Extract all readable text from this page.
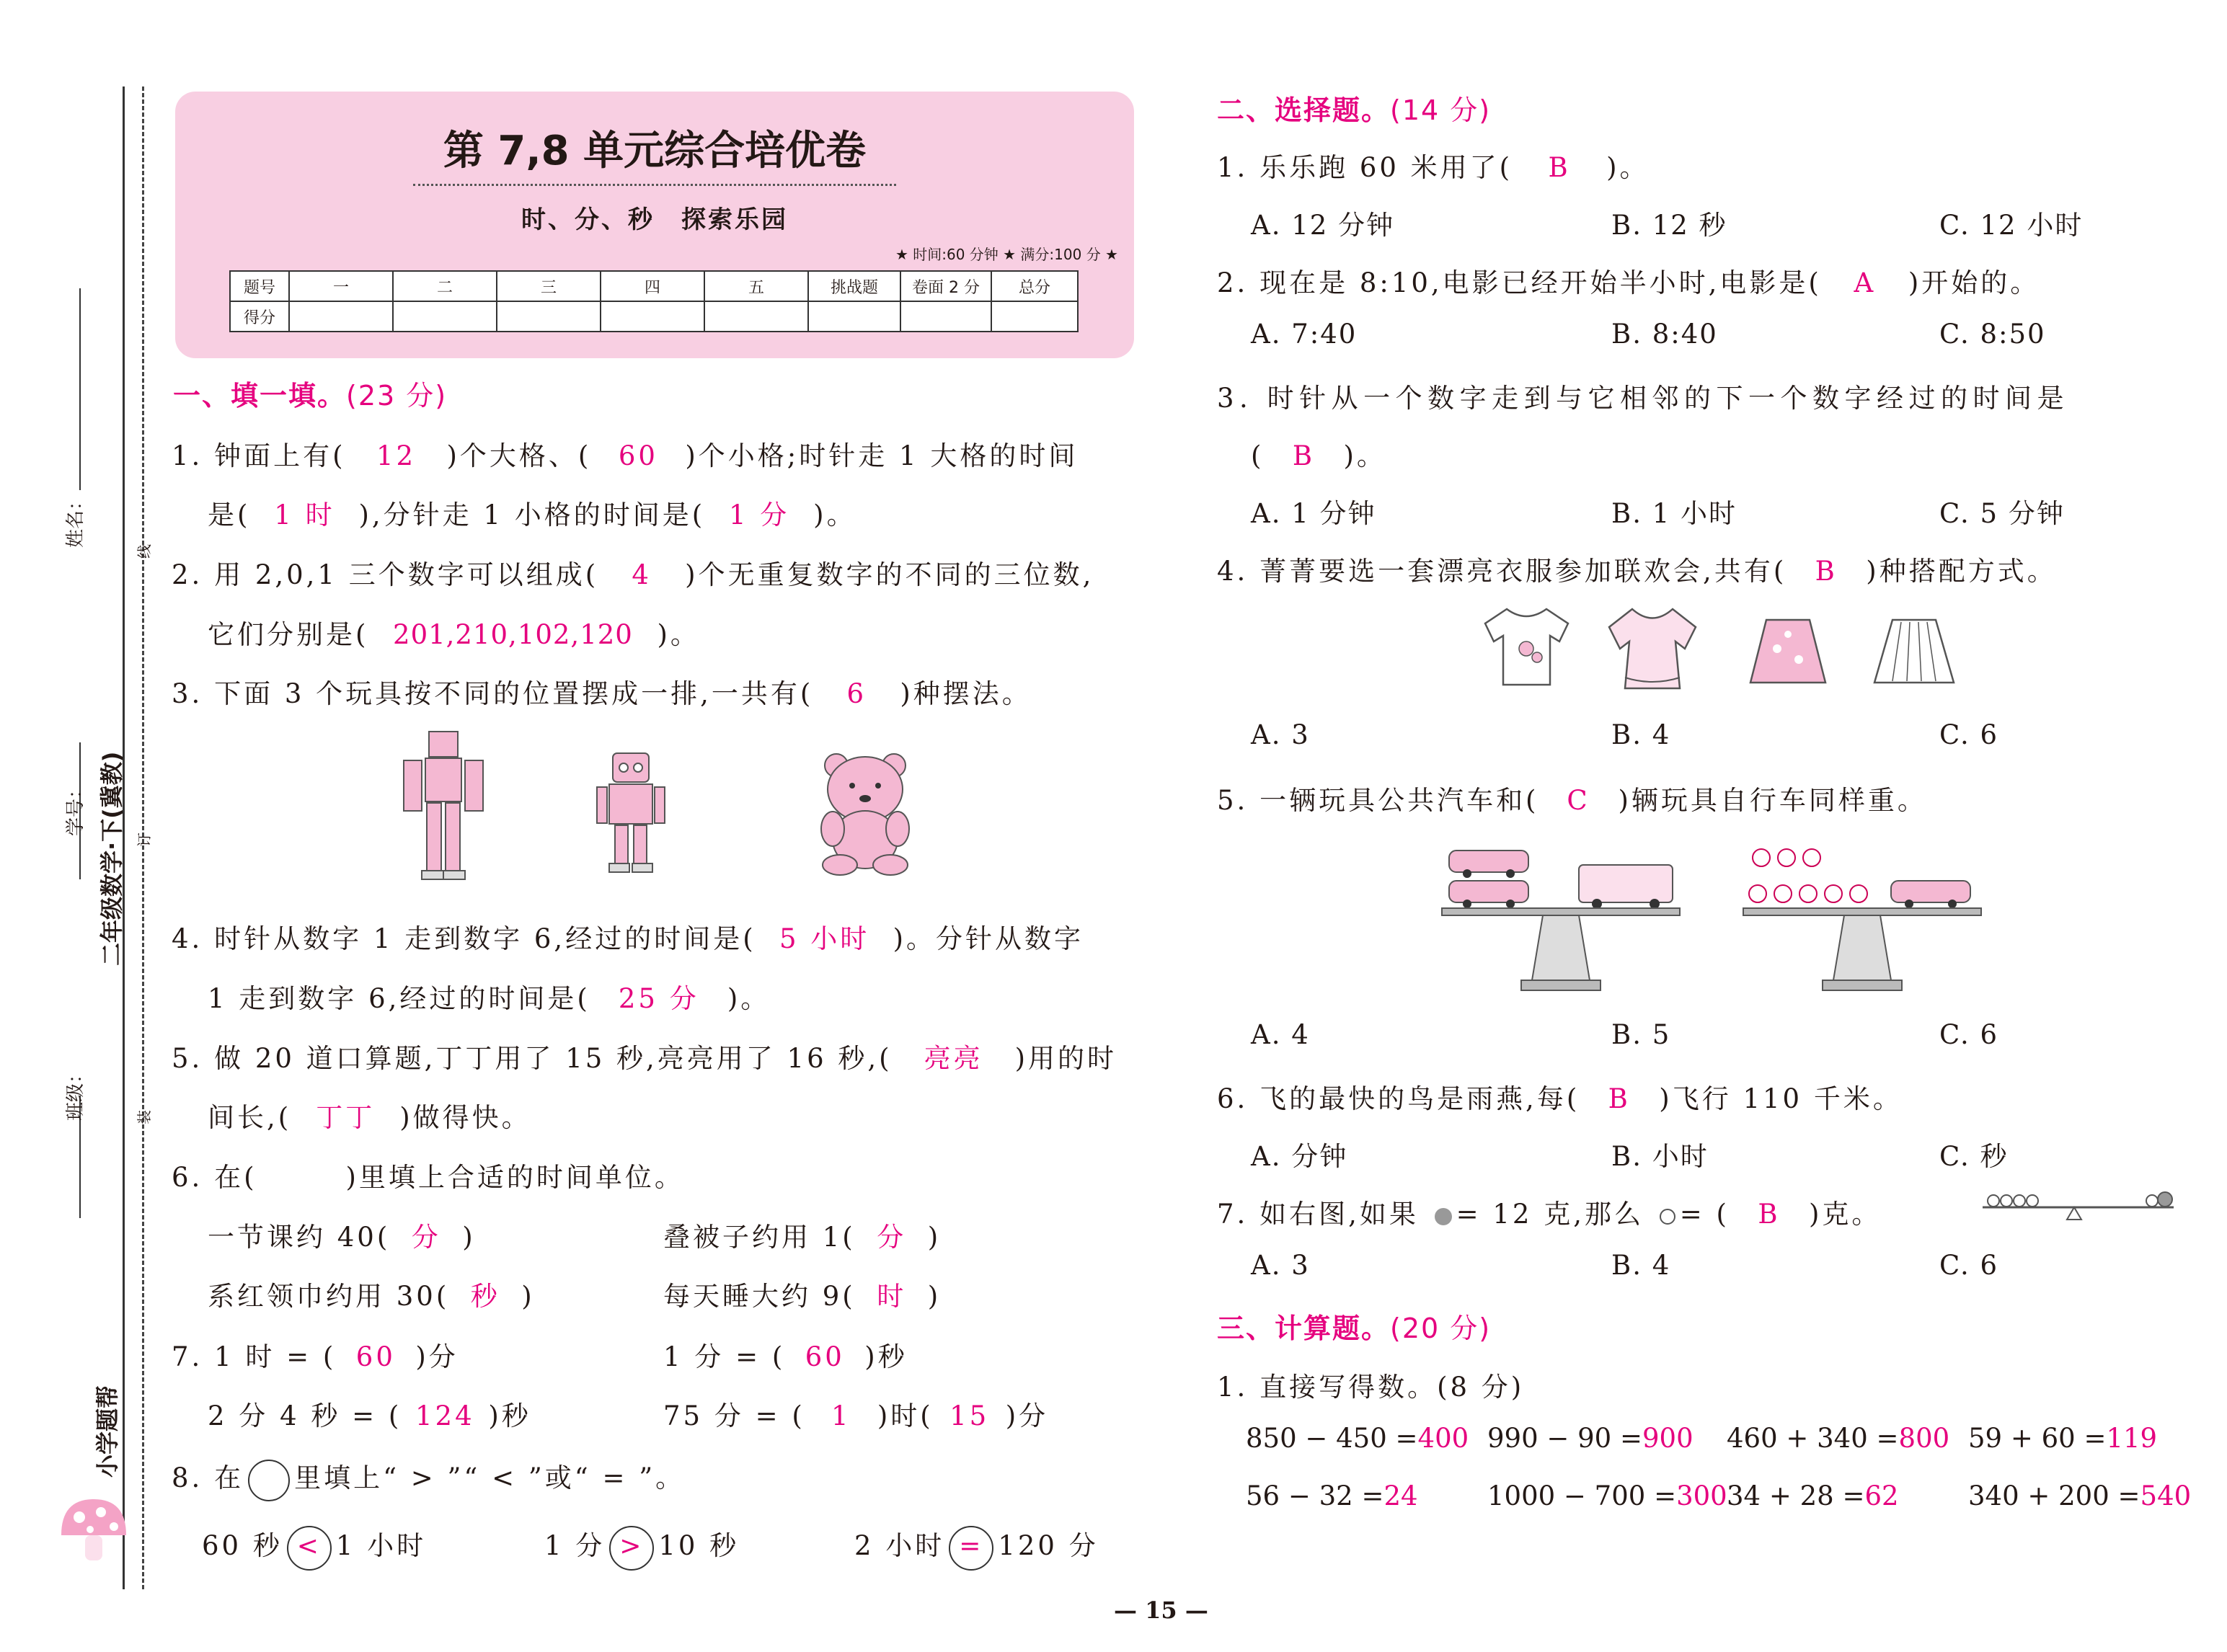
姓名：
线
学号： 二年级数学·下(冀教) 订
班级：	装
小学题帮
第 7,8 单元综合培优卷
时、分、秒　探索乐园
★ 时间:60 分钟 ★ 满分:100 分 ★
题号	一	二	三	四	五	挑战题	卷面 2 分	总分
得分								
一、填一填。(23 分)
1. 钟面上有( 12 )个大格、( 60 )个小格;时针走 1 大格的时间
是( 1 时 ),分针走 1 小格的时间是( 1 分 )。
2. 用 2,0,1 三个数字可以组成( 4 )个无重复数字的不同的三位数,
它们分别是( 201,210,102,120 )。
3. 下面 3 个玩具按不同的位置摆成一排,一共有( 6 )种摆法。
4. 时针从数字 1 走到数字 6,经过的时间是( 5 小时 )。分针从数字
1 走到数字 6,经过的时间是( 25 分 )。
5. 做 20 道口算题,丁丁用了 15 秒,亮亮用了 16 秒,( 亮亮 )用的时
间长,( 丁丁 )做得快。
6. 在(　　　)里填上合适的时间单位。
一节课约 40( 分 )	叠被子约用 1( 分 )
系红领巾约用 30( 秒 )	每天睡大约 9( 时 )
7. 1 时 = ( 60 )分	1 分 = ( 60 )秒
2 分 4 秒 = ( 124 )秒	75 分 = ( 1 )时( 15 )分
8. 在 里填上“ > ”“ < ”或“ = ”。
60 秒 < 1 小时	1 分 > 10 秒	2 小时 = 120 分
二、选择题。(14 分)
1. 乐乐跑 60 米用了( B )。
A. 12 分钟	B. 12 秒	C. 12 小时
2. 现在是 8:10,电影已经开始半小时,电影是( A )开始的。
A. 7:40	B. 8:40	C. 8:50
3. 时针从一个数字走到与它相邻的下一个数字经过的时间是
( B )。
A. 1 分钟	B. 1 小时	C. 5 分钟
4. 菁菁要选一套漂亮衣服参加联欢会,共有( B )种搭配方式。
A. 3	B. 4	C. 6
5. 一辆玩具公共汽车和( C )辆玩具自行车同样重。
A. 4	B. 5	C. 6
6. 飞的最快的鸟是雨燕,每( B )飞行 110 千米。
A. 分钟	B. 小时	C. 秒
7. 如右图,如果 = 12 克,那么 = ( B )克。
A. 3	B. 4	C. 6
三、计算题。(20 分)
1. 直接写得数。(8 分)
850 − 450 =400 990 − 90 =900 460 + 340 =800 59 + 60 =119
56 − 32 =24	1000 − 700 =300 34 + 28 =62	340 + 200 =540
— 15 —
